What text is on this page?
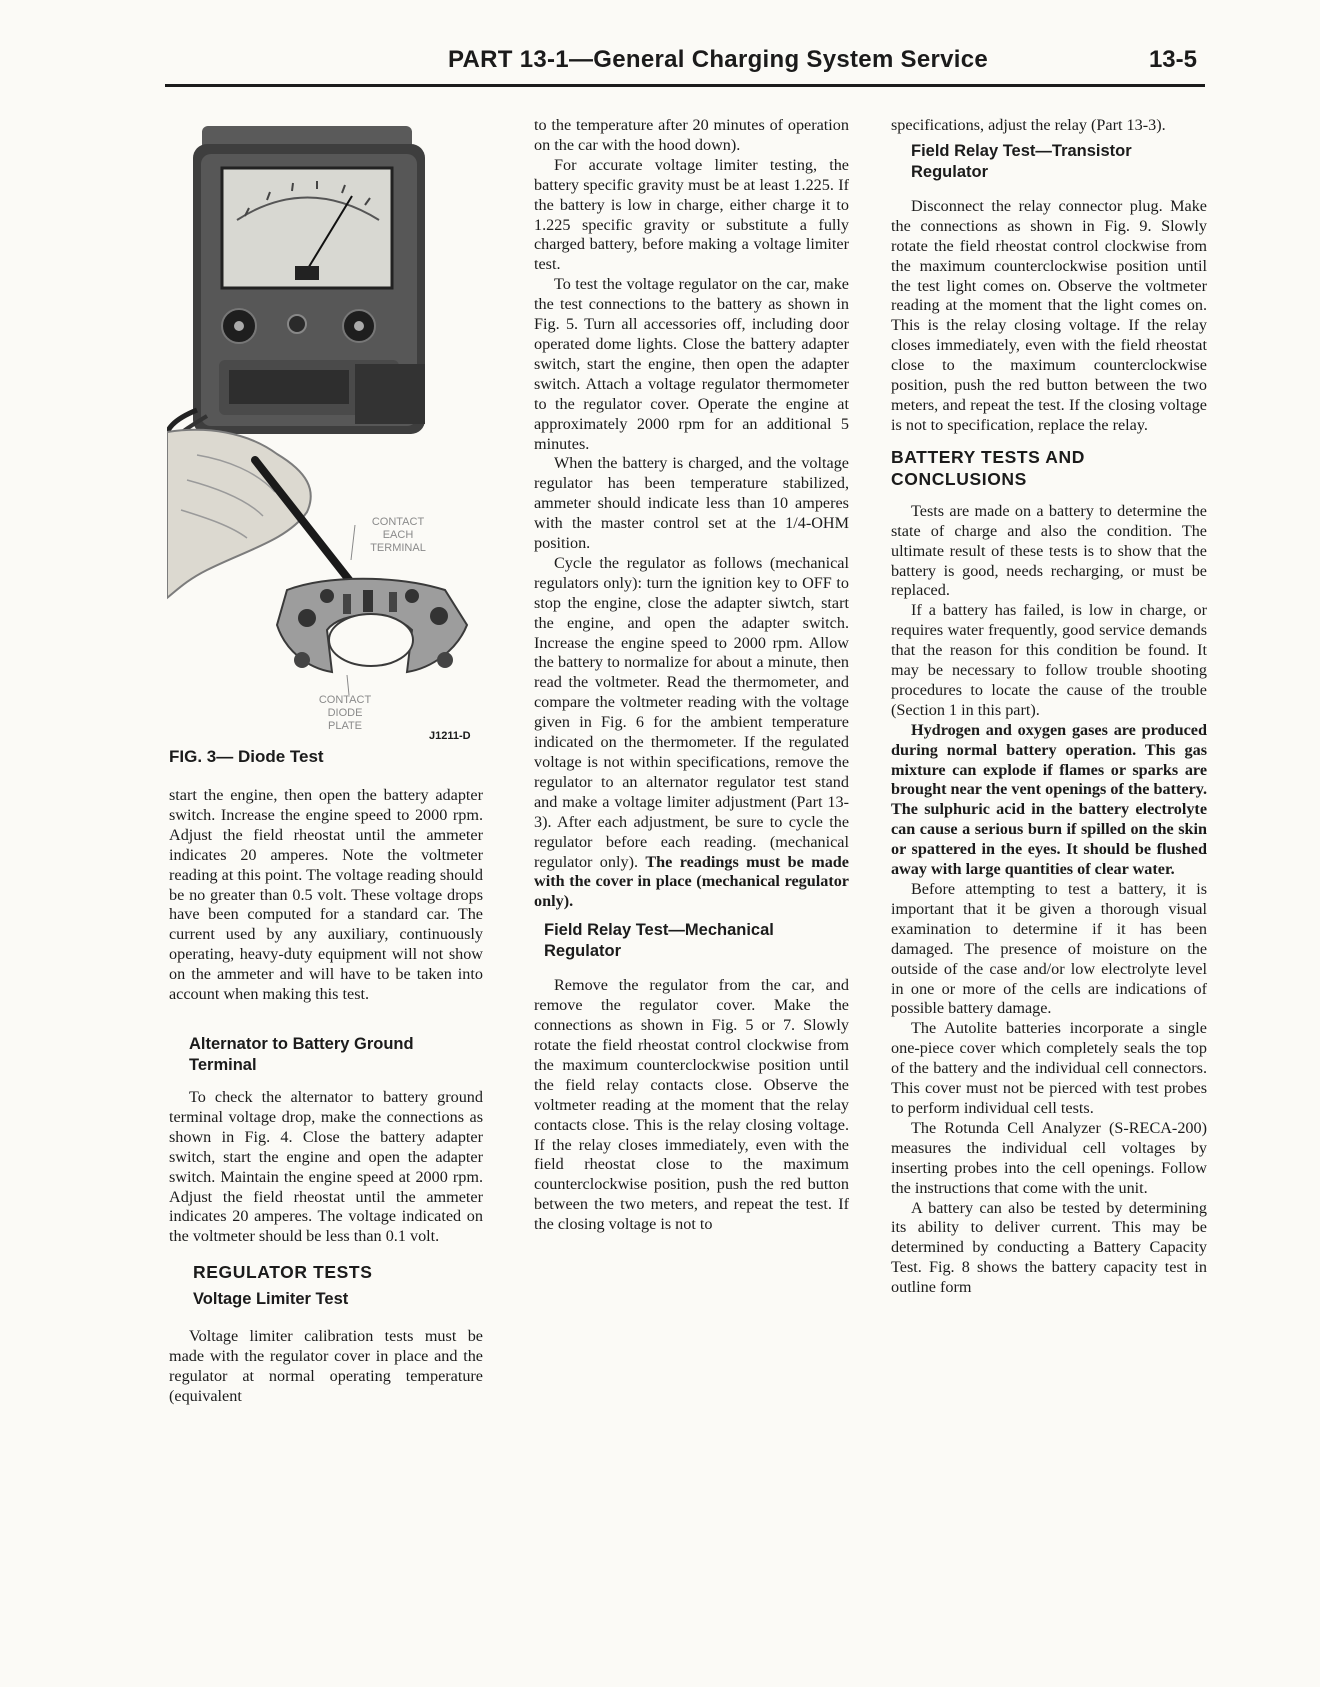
PART 13-1—General Charging System Service	13-5
CONTACT
EACH
TERMINAL
CONTACT
DIODE
PLATE
J1211-D
FIG. 3— Diode Test

start the engine, then open the battery adapter switch. Increase the engine speed to 2000 rpm. Adjust the field rheostat until the ammeter indicates 20 amperes. Note the voltmeter reading at this point. The voltage reading should be no greater than 0.5 volt. These voltage drops have been computed for a standard car. The current used by any auxiliary, continuously operating, heavy-duty equipment will not show on the ammeter and will have to be taken into account when making this test.

Alternator to Battery Ground Terminal

To check the alternator to battery ground terminal voltage drop, make the connections as shown in Fig. 4. Close the battery adapter switch, start the engine and open the adapter switch. Maintain the engine speed at 2000 rpm. Adjust the field rheostat until the ammeter indicates 20 amperes. The voltage indicated on the voltmeter should be less than 0.1 volt.

REGULATOR TESTS
Voltage Limiter Test

Voltage limiter calibration tests must be made with the regulator cover in place and the regulator at normal operating temperature (equivalent

to the temperature after 20 minutes of operation on the car with the hood down).

For accurate voltage limiter testing, the battery specific gravity must be at least 1.225. If the battery is low in charge, either charge it to 1.225 specific gravity or substitute a fully charged battery, before making a voltage limiter test.

To test the voltage regulator on the car, make the test connections to the battery as shown in Fig. 5. Turn all accessories off, including door operated dome lights. Close the battery adapter switch, start the engine, then open the adapter switch. Attach a voltage regulator thermometer to the regulator cover. Operate the engine at approximately 2000 rpm for an additional 5 minutes.

When the battery is charged, and the voltage regulator has been temperature stabilized, ammeter should indicate less than 10 amperes with the master control set at the 1/4-OHM position.

Cycle the regulator as follows (mechanical regulators only): turn the ignition key to OFF to stop the engine, close the adapter siwtch, start the engine, and open the adapter switch. Increase the engine speed to 2000 rpm. Allow the battery to normalize for about a minute, then read the voltmeter. Read the thermometer, and compare the voltmeter reading with the voltage given in Fig. 6 for the ambient temperature indicated on the thermometer. If the regulated voltage is not within specifications, remove the regulator to an alternator regulator test stand and make a voltage limiter adjustment (Part 13-3). After each adjustment, be sure to cycle the regulator before each reading. (mechanical regulator only). The readings must be made with the cover in place (mechanical regulator only).

Field Relay Test—Mechanical Regulator

Remove the regulator from the car, and remove the regulator cover. Make the connections as shown in Fig. 5 or 7. Slowly rotate the field rheostat control clockwise from the maximum counterclockwise position until the field relay contacts close. Observe the voltmeter reading at the moment that the relay contacts close. This is the relay closing voltage. If the relay closes immediately, even with the field rheostat close to the maximum counterclockwise position, push the red button between the two meters, and repeat the test. If the closing voltage is not to

specifications, adjust the relay (Part 13-3).

Field Relay Test—Transistor Regulator

Disconnect the relay connector plug. Make the connections as shown in Fig. 9. Slowly rotate the field rheostat control clockwise from the maximum counterclockwise position until the test light comes on. Observe the voltmeter reading at the moment that the light comes on. This is the relay closing voltage. If the relay closes immediately, even with the field rheostat close to the maximum counterclockwise position, push the red button between the two meters, and repeat the test. If the closing voltage is not to specification, replace the relay.

BATTERY TESTS AND CONCLUSIONS

Tests are made on a battery to determine the state of charge and also the condition. The ultimate result of these tests is to show that the battery is good, needs recharging, or must be replaced.

If a battery has failed, is low in charge, or requires water frequently, good service demands that the reason for this condition be found. It may be necessary to follow trouble shooting procedures to locate the cause of the trouble (Section 1 in this part).

Hydrogen and oxygen gases are produced during normal battery operation. This gas mixture can explode if flames or sparks are brought near the vent openings of the battery. The sulphuric acid in the battery electrolyte can cause a serious burn if spilled on the skin or spattered in the eyes. It should be flushed away with large quantities of clear water.

Before attempting to test a battery, it is important that it be given a thorough visual examination to determine if it has been damaged. The presence of moisture on the outside of the case and/or low electrolyte level in one or more of the cells are indications of possible battery damage.

The Autolite batteries incorporate a single one-piece cover which completely seals the top of the battery and the individual cell connectors. This cover must not be pierced with test probes to perform individual cell tests.

The Rotunda Cell Analyzer (S-RECA-200) measures the individual cell voltages by inserting probes into the cell openings. Follow the instructions that come with the unit.

A battery can also be tested by determining its ability to deliver current. This may be determined by conducting a Battery Capacity Test. Fig. 8 shows the battery capacity test in outline form
